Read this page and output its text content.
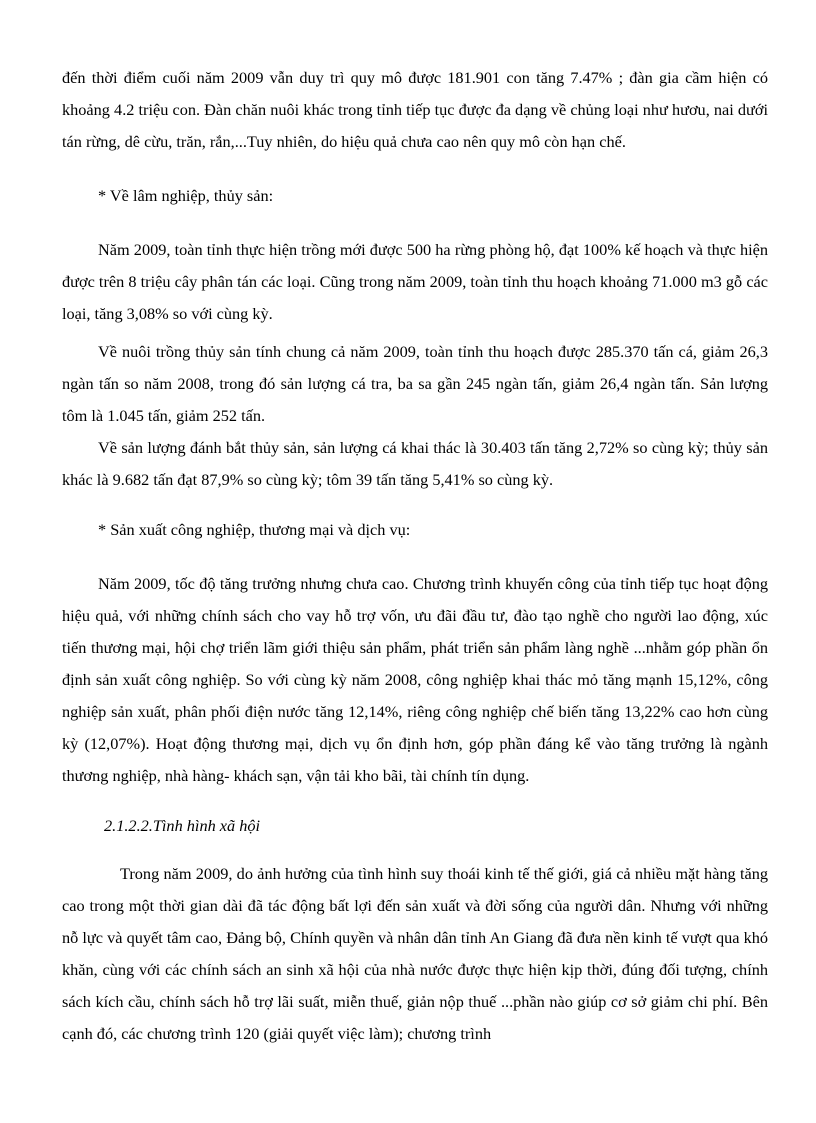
đến thời điểm cuối năm 2009 vẫn duy trì quy mô được 181.901 con tăng 7.47% ; đàn gia cầm hiện có khoảng 4.2 triệu con. Đàn chăn nuôi khác trong tỉnh tiếp tục được đa dạng về chủng loại như hươu, nai dưới tán rừng, dê cừu, trăn, rắn,...Tuy nhiên, do hiệu quả chưa cao nên quy mô còn hạn chế.

* Về lâm nghiệp, thủy sản:

Năm 2009, toàn tỉnh thực hiện trồng mới được 500 ha rừng phòng hộ, đạt 100% kế hoạch và thực hiện được trên 8 triệu cây phân tán các loại. Cũng trong năm 2009, toàn tỉnh thu hoạch khoảng 71.000 m3 gỗ các loại, tăng 3,08% so với cùng kỳ.

Về nuôi trồng thủy sản tính chung cả năm 2009, toàn tỉnh thu hoạch được 285.370 tấn cá, giảm 26,3 ngàn tấn so năm 2008, trong đó sản lượng cá tra, ba sa gần 245 ngàn tấn, giảm 26,4 ngàn tấn. Sản lượng tôm là 1.045 tấn, giảm 252 tấn.

Về sản lượng đánh bắt thủy sản, sản lượng cá khai thác là 30.403 tấn tăng 2,72% so cùng kỳ; thủy sản khác là 9.682 tấn đạt 87,9% so cùng kỳ; tôm 39 tấn tăng 5,41% so cùng kỳ.

* Sản xuất công nghiệp, thương mại và dịch vụ:

Năm 2009, tốc độ tăng trưởng nhưng chưa cao. Chương trình khuyến công của tỉnh tiếp tục hoạt động hiệu quả, với những chính sách cho vay hỗ trợ vốn, ưu đãi đầu tư, đào tạo nghề cho người lao động, xúc tiến thương mại, hội chợ triển lãm giới thiệu sản phẩm, phát triển sản phẩm làng nghề ...nhằm góp phần ổn định sản xuất công nghiệp. So với cùng kỳ năm 2008, công nghiệp khai thác mỏ tăng mạnh 15,12%, công nghiệp sản xuất, phân phối điện nước tăng 12,14%, riêng công nghiệp chế biến tăng 13,22% cao hơn cùng kỳ (12,07%). Hoạt động thương mại, dịch vụ ổn định hơn, góp phần đáng kể vào tăng trưởng là ngành thương nghiệp, nhà hàng- khách sạn, vận tải kho bãi, tài chính tín dụng.

2.1.2.2.Tình hình xã hội

Trong năm 2009, do ảnh hưởng của tình hình suy thoái kinh tế thế giới, giá cả nhiều mặt hàng tăng cao trong một thời gian dài đã tác động bất lợi đến sản xuất và đời sống của người dân. Nhưng với những nỗ lực và quyết tâm cao, Đảng bộ, Chính quyền và nhân dân tỉnh An Giang đã đưa nền kinh tế vượt qua khó khăn, cùng với các chính sách an sinh xã hội của nhà nước được thực hiện kịp thời, đúng đối tượng, chính sách kích cầu, chính sách hỗ trợ lãi suất, miễn thuế, giản nộp thuế ...phần nào giúp cơ sở giảm chi phí. Bên cạnh đó, các chương trình 120 (giải quyết việc làm); chương trình
